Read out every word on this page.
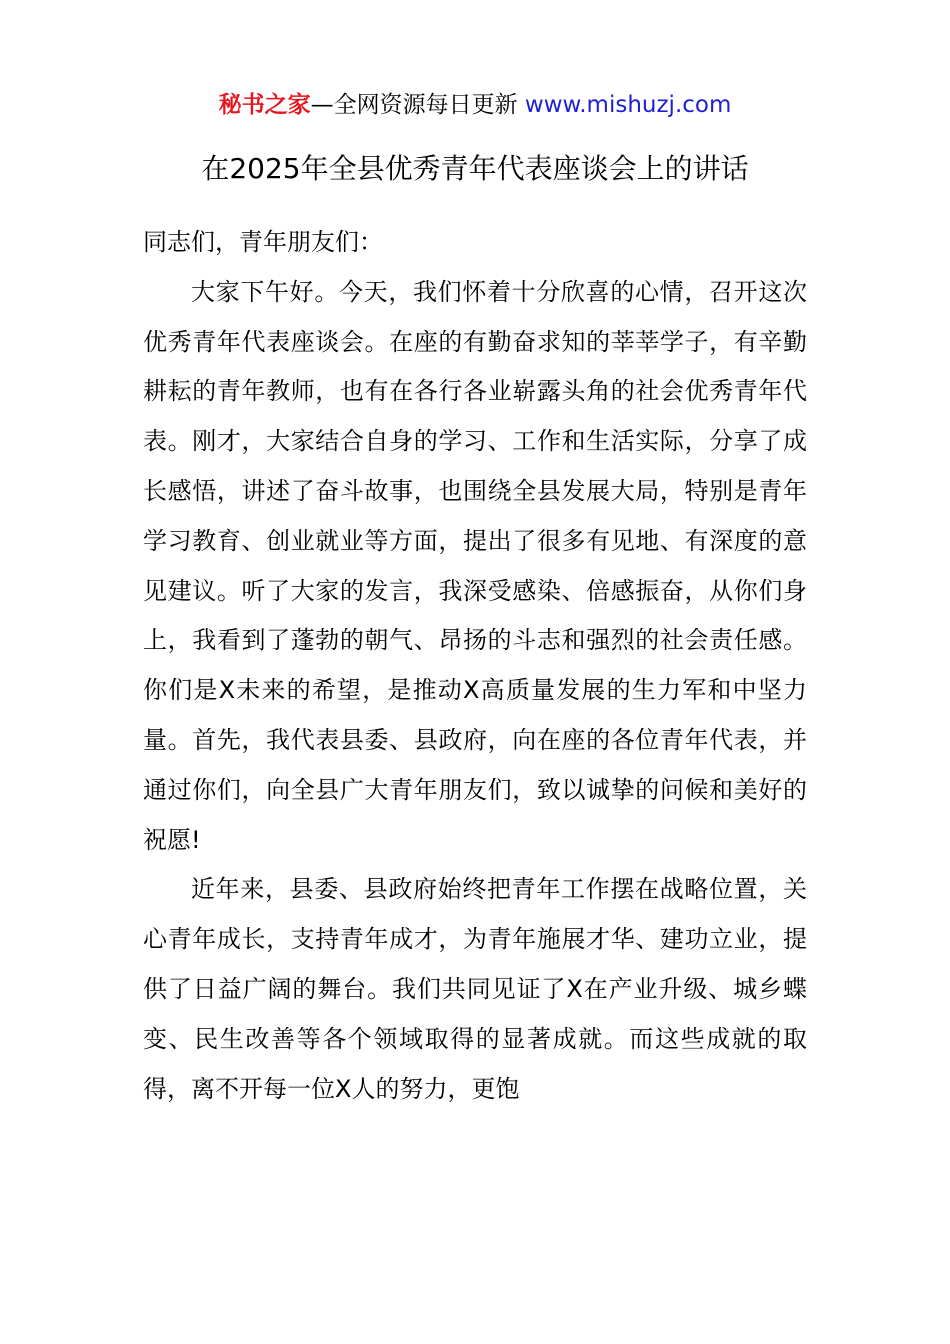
秘书之家—全网资源每日更新 www.mishuzj.com
在2025年全县优秀青年代表座谈会上的讲话

同志们，青年朋友们：

大家下午好。今天，我们怀着十分欣喜的心情，召开这次优秀青年代表座谈会。在座的有勤奋求知的莘莘学子，有辛勤耕耘的青年教师，也有在各行各业崭露头角的社会优秀青年代表。刚才，大家结合自身的学习、工作和生活实际，分享了成长感悟，讲述了奋斗故事，也围绕全县发展大局，特别是青年学习教育、创业就业等方面，提出了很多有见地、有深度的意见建议。听了大家的发言，我深受感染、倍感振奋，从你们身上，我看到了蓬勃的朝气、昂扬的斗志和强烈的社会责任感。你们是X未来的希望，是推动X高质量发展的生力军和中坚力量。首先，我代表县委、县政府，向在座的各位青年代表，并通过你们，向全县广大青年朋友们，致以诚挚的问候和美好的祝愿!

近年来，县委、县政府始终把青年工作摆在战略位置，关心青年成长，支持青年成才，为青年施展才华、建功立业，提供了日益广阔的舞台。我们共同见证了X在产业升级、城乡蝶变、民生改善等各个领域取得的显著成就。而这些成就的取得，离不开每一位X人的努力，更饱
